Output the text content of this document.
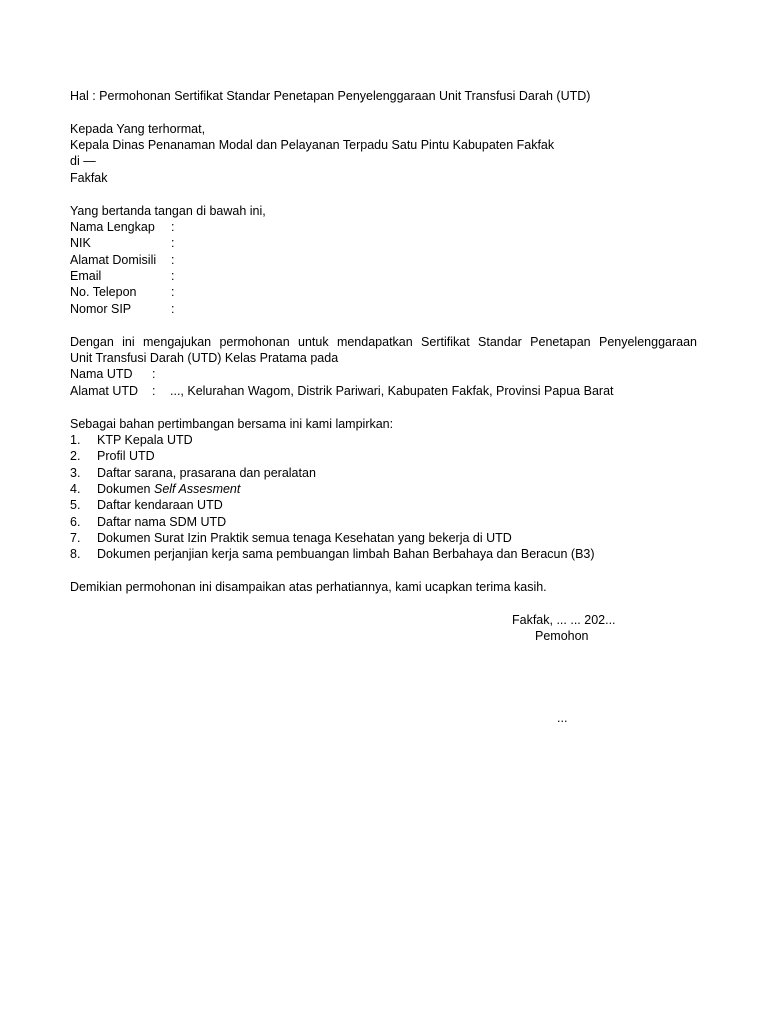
Hal : Permohonan Sertifikat Standar Penetapan Penyelenggaraan Unit Transfusi Darah (UTD)
Kepada Yang terhormat,
Kepala Dinas Penanaman Modal dan Pelayanan Terpadu Satu Pintu Kabupaten Fakfak
di —
Fakfak
Yang bertanda tangan di bawah ini,
Nama Lengkap :
NIK	:
Alamat Domisili :
Email	:
No. Telepon	:
Nomor SIP	:
Dengan ini mengajukan permohonan untuk mendapatkan Sertifikat Standar Penetapan Penyelenggaraan
Unit Transfusi Darah (UTD) Kelas Pratama pada
Nama UTD :
Alamat UTD : ..., Kelurahan Wagom, Distrik Pariwari, Kabupaten Fakfak, Provinsi Papua Barat
Sebagai bahan pertimbangan bersama ini kami lampirkan:
1. KTP Kepala UTD
2. Profil UTD
3. Daftar sarana, prasarana dan peralatan
4. Dokumen Self Assesment
5. Daftar kendaraan UTD
6. Daftar nama SDM UTD
7. Dokumen Surat Izin Praktik semua tenaga Kesehatan yang bekerja di UTD
8. Dokumen perjanjian kerja sama pembuangan limbah Bahan Berbahaya dan Beracun (B3)
Demikian permohonan ini disampaikan atas perhatiannya, kami ucapkan terima kasih.
Fakfak, ... ... 202...
Pemohon
...
